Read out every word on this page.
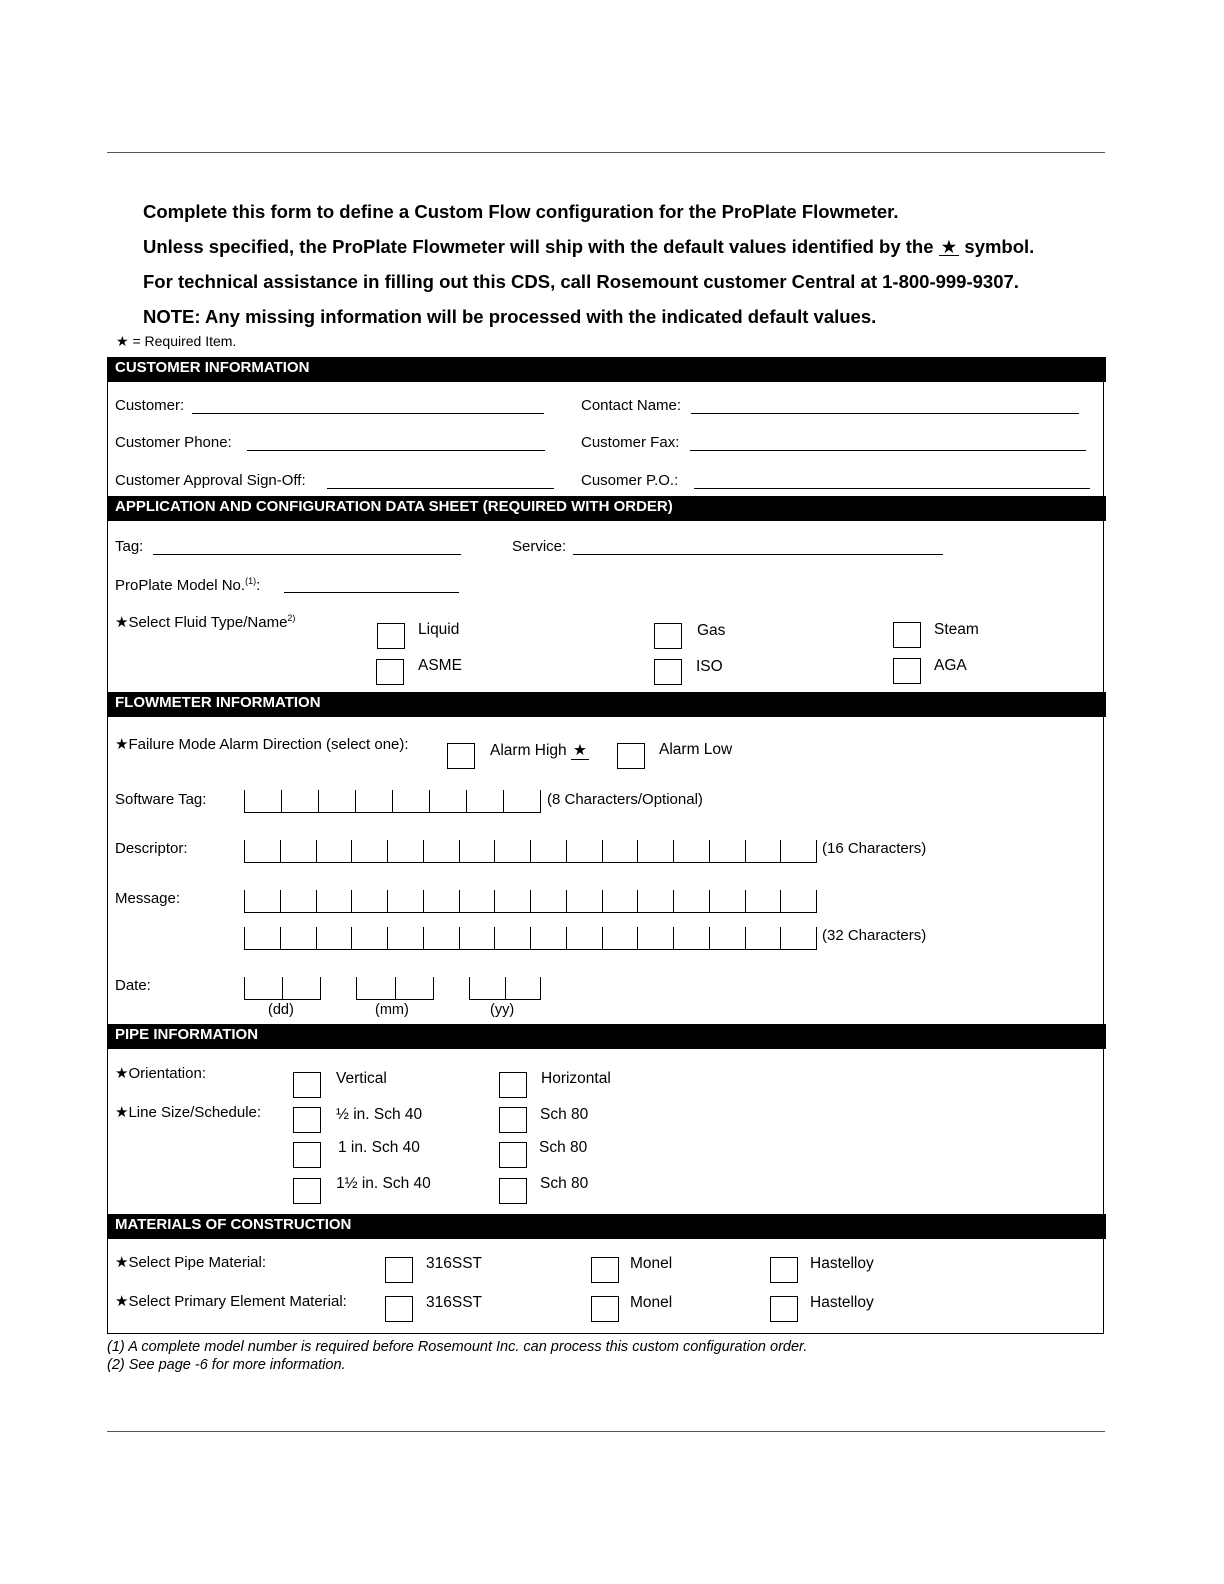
Complete this form to define a Custom Flow configuration for the ProPlate Flowmeter.
Unless specified, the ProPlate Flowmeter will ship with the default values identified by the ★ symbol.
For technical assistance in filling out this CDS, call Rosemount customer Central at 1-800-999-9307.
NOTE: Any missing information will be processed with the indicated default values.
★ = Required Item.
CUSTOMER INFORMATION
Customer:	Contact Name:
Customer Phone:	Customer Fax:
Customer Approval Sign-Off:	Cusomer P.O.:
APPLICATION AND CONFIGURATION DATA SHEET (REQUIRED WITH ORDER)
Tag:	Service:
ProPlate Model No.$^{(1)}$:
★Select Fluid Type/Name$^{2)}$
Liquid	Gas	Steam
ASME	ISO	AGA
FLOWMETER INFORMATION
★Failure Mode Alarm Direction (select one):	Alarm High ★	Alarm Low
Software Tag:	(8 Characters/Optional)
Descriptor:	(16 Characters)
Message:
(32 Characters)
Date:
(dd)	(mm)	(yy)
PIPE INFORMATION
★Orientation:	Vertical	Horizontal
★Line Size/Schedule:	½ in. Sch 40	Sch 80
1 in. Sch 40	Sch 80
1½ in. Sch 40	Sch 80
MATERIALS OF CONSTRUCTION
★Select Pipe Material:	316SST	Monel	Hastelloy
★Select Primary Element Material:	316SST	Monel	Hastelloy
(1) A complete model number is required before Rosemount Inc. can process this custom configuration order.
(2) See page -6 for more information.
